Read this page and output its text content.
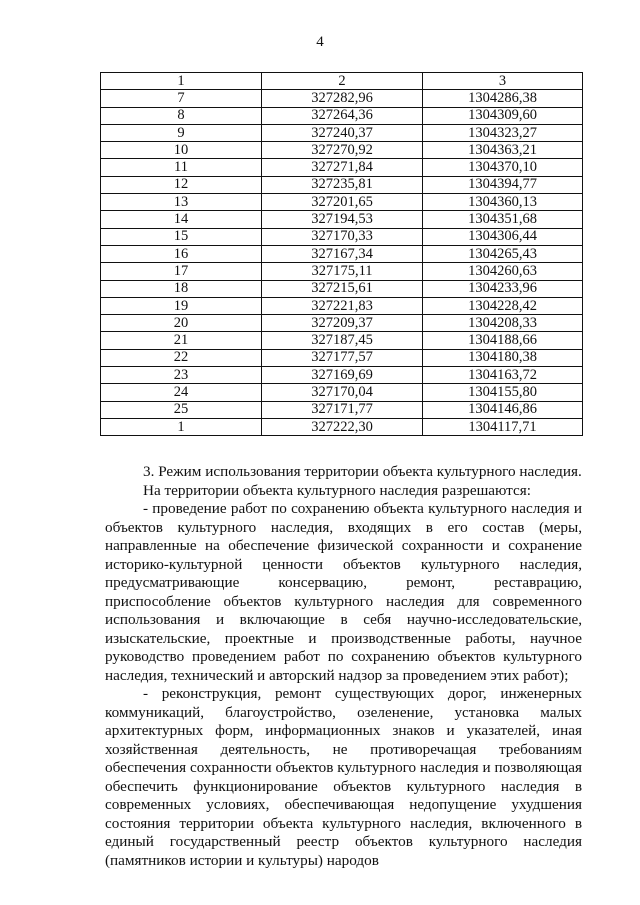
4
1	2	3
7	327282,96	1304286,38
8	327264,36	1304309,60
9	327240,37	1304323,27
10	327270,92	1304363,21
11	327271,84	1304370,10
12	327235,81	1304394,77
13	327201,65	1304360,13
14	327194,53	1304351,68
15	327170,33	1304306,44
16	327167,34	1304265,43
17	327175,11	1304260,63
18	327215,61	1304233,96
19	327221,83	1304228,42
20	327209,37	1304208,33
21	327187,45	1304188,66
22	327177,57	1304180,38
23	327169,69	1304163,72
24	327170,04	1304155,80
25	327171,77	1304146,86
1	327222,30	1304117,71

3. Режим использования территории объекта культурного наследия.

На территории объекта культурного наследия разрешаются:

- проведение работ по сохранению объекта культурного наследия и объектов культурного наследия, входящих в его состав (меры, направленные на обеспечение физической сохранности и сохранение историко-культурной ценности объектов культурного наследия, предусматривающие консервацию, ремонт, реставрацию, приспособление объектов культурного наследия для современного использования и включающие в себя научно-исследовательские, изыскательские, проектные и производственные работы, научное руководство проведением работ по сохранению объектов культурного наследия, технический и авторский надзор за проведением этих работ);

- реконструкция, ремонт существующих дорог, инженерных коммуникаций, благоустройство, озеленение, установка малых архитектурных форм, информационных знаков и указателей, иная хозяйственная деятельность, не противоречащая требованиям обеспечения сохранности объектов культурного наследия и позволяющая обеспечить функционирование объектов культурного наследия в современных условиях, обеспечивающая недопущение ухудшения состояния территории объекта культурного наследия, включенного в единый государственный реестр объектов культурного наследия (памятников истории и культуры) народов
